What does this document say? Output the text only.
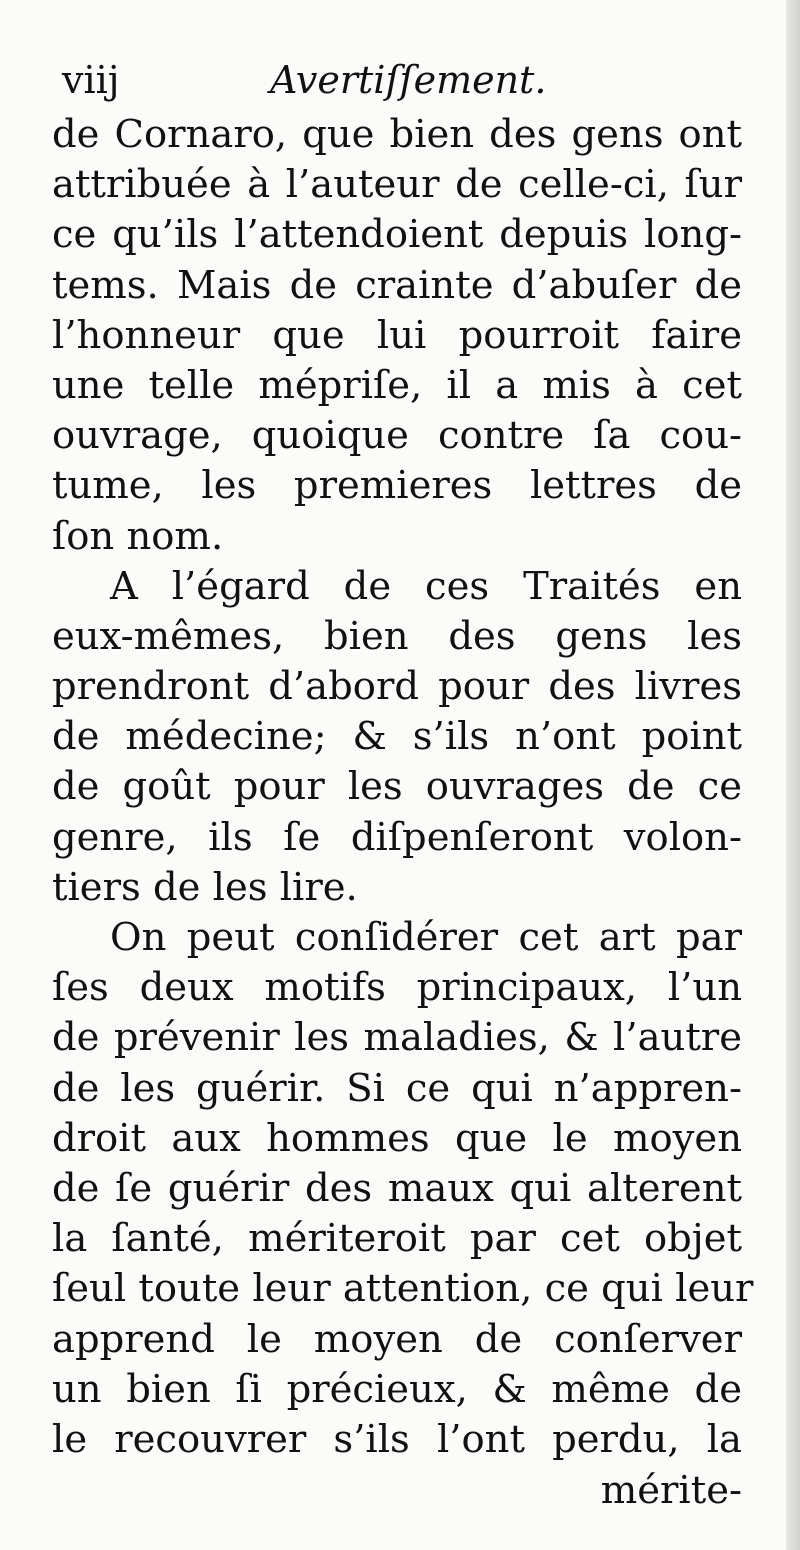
viij	Avertiſſement.
de Cornaro, que bien des gens ont
attribuée à l’auteur de celle-ci, ſur
ce qu’ils l’attendoient depuis long-
tems. Mais de crainte d’abuſer de
l’honneur que lui pourroit faire
une telle mépriſe, il a mis à cet
ouvrage, quoique contre ſa cou-
tume, les premieres lettres de
ſon nom.
A l’égard de ces Traités en
eux-mêmes, bien des gens les
prendront d’abord pour des livres
de médecine; & s’ils n’ont point
de goût pour les ouvrages de ce
genre, ils ſe diſpenſeront volon-
tiers de les lire.
On peut conſidérer cet art par
ſes deux motifs principaux, l’un
de prévenir les maladies, & l’autre
de les guérir. Si ce qui n’appren-
droit aux hommes que le moyen
de ſe guérir des maux qui alterent
la ſanté, mériteroit par cet objet
ſeul toute leur attention, ce qui leur
apprend le moyen de conſerver
un bien ſi précieux, & même de
le recouvrer s’ils l’ont perdu, la
mérite-
